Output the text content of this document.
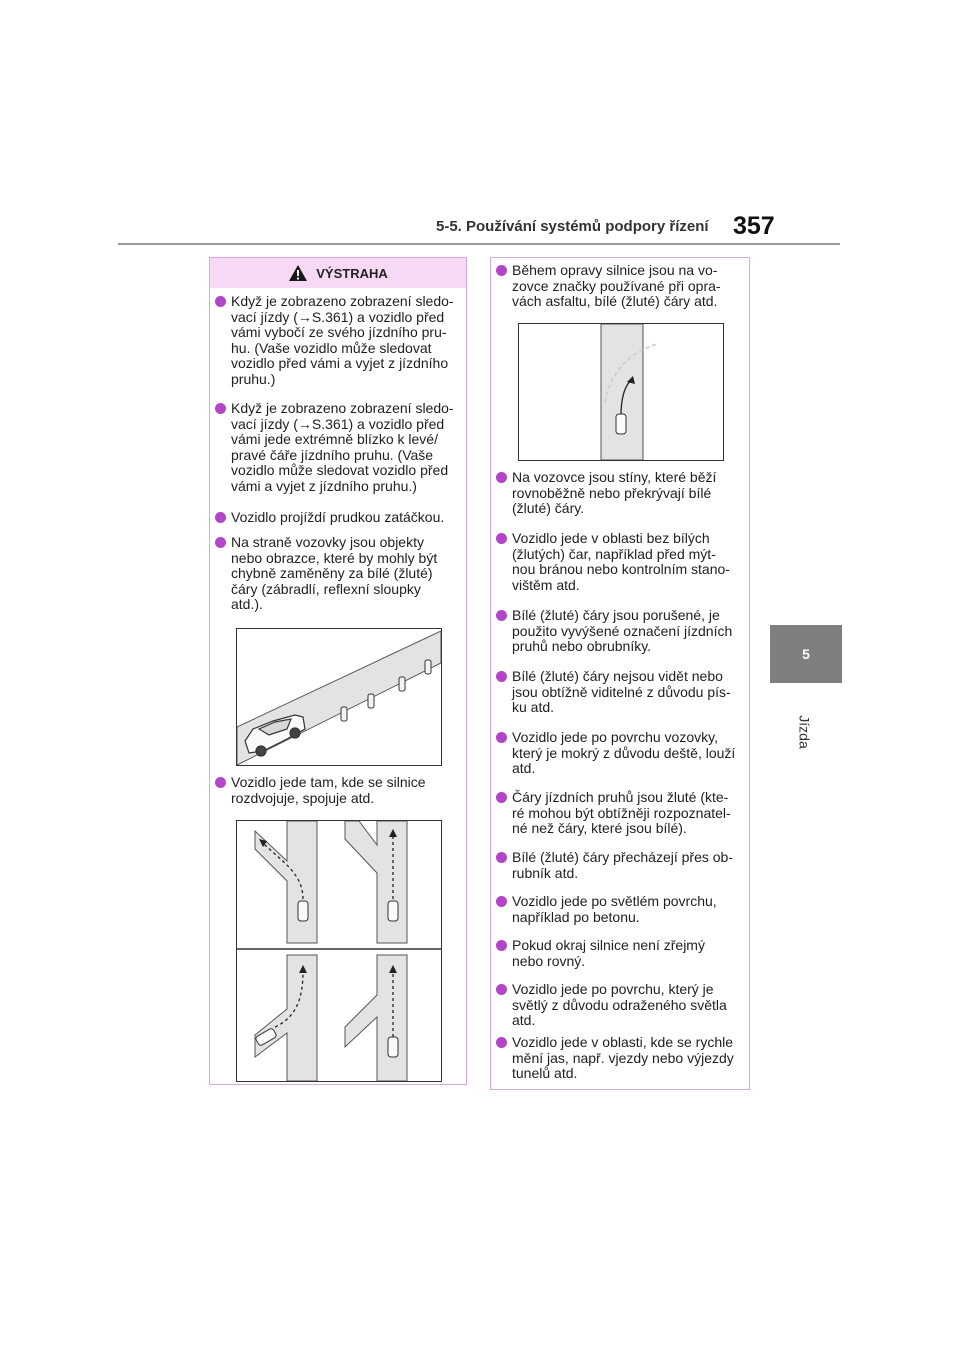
5-5. Používání systémů podpory řízení 357
5
Jízda
VÝSTRAHA
Když je zobrazeno zobrazení sledo-
vací jízdy (→S.361) a vozidlo před
vámi vybočí ze svého jízdního pru-
hu. (Vaše vozidlo může sledovat
vozidlo před vámi a vyjet z jízdního
pruhu.)
Když je zobrazeno zobrazení sledo-
vací jízdy (→S.361) a vozidlo před
vámi jede extrémně blízko k levé/
pravé čáře jízdního pruhu. (Vaše
vozidlo může sledovat vozidlo před
vámi a vyjet z jízdního pruhu.)
Vozidlo projíždí prudkou zatáčkou.
Na straně vozovky jsou objekty
nebo obrazce, které by mohly být
chybně zaměněny za bílé (žluté)
čáry (zábradlí, reflexní sloupky
atd.).
Vozidlo jede tam, kde se silnice
rozdvojuje, spojuje atd.
Během opravy silnice jsou na vo-
zovce značky používané při opra-
vách asfaltu, bílé (žluté) čáry atd.
Na vozovce jsou stíny, které běží
rovnoběžně nebo překrývají bílé
(žluté) čáry.
Vozidlo jede v oblasti bez bílých
(žlutých) čar, například před mýt-
nou bránou nebo kontrolním stano-
vištěm atd.
Bílé (žluté) čáry jsou porušené, je
použito vyvýšené označení jízdních
pruhů nebo obrubníky.
Bílé (žluté) čáry nejsou vidět nebo
jsou obtížně viditelné z důvodu pís-
ku atd.
Vozidlo jede po povrchu vozovky,
který je mokrý z důvodu deště, louží
atd.
Čáry jízdních pruhů jsou žluté (kte-
ré mohou být obtížněji rozpoznatel-
né než čáry, které jsou bílé).
Bílé (žluté) čáry přecházejí přes ob-
rubník atd.
Vozidlo jede po světlém povrchu,
například po betonu.
Pokud okraj silnice není zřejmý
nebo rovný.
Vozidlo jede po povrchu, který je
světlý z důvodu odraženého světla
atd.
Vozidlo jede v oblasti, kde se rychle
mění jas, např. vjezdy nebo výjezdy
tunelů atd.
